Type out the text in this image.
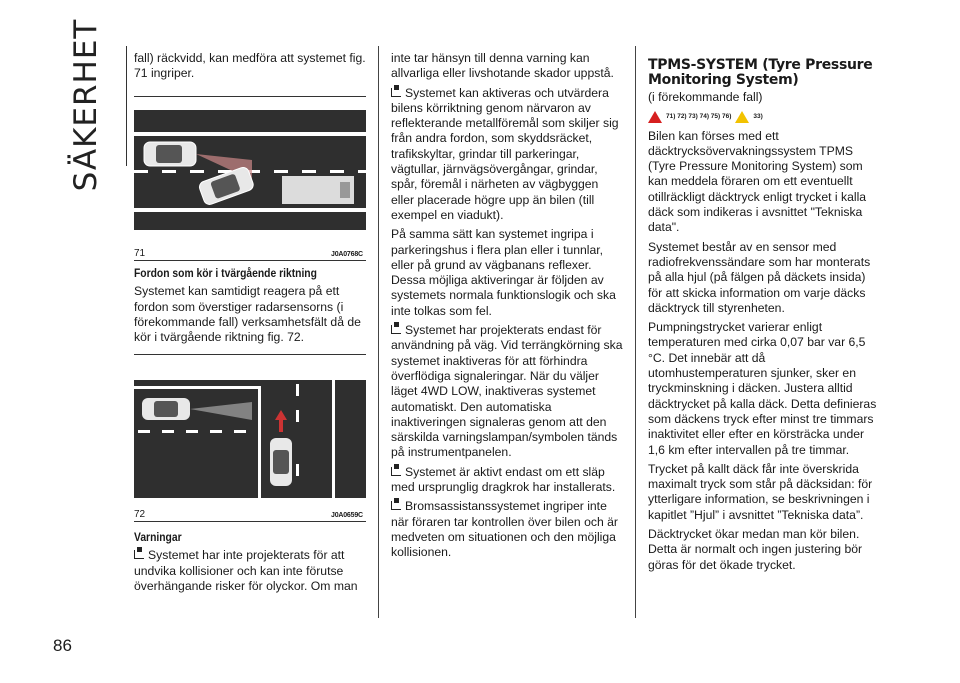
SÄKERHET
86

fall) räckvidd, kan medföra att systemet fig. 71 ingriper.

71	J0A0768C
Fordon som kör i tvärgående riktning

Systemet kan samtidigt reagera på ett fordon som överstiger radarsensorns (i förekommande fall) verksamhetsfält då de kör i tvärgående riktning fig. 72.

72	J0A0659C
Varningar

Systemet har inte projekterats för att undvika kollisioner och kan inte förutse överhängande risker för olyckor. Om man

inte tar hänsyn till denna varning kan allvarliga eller livshotande skador uppstå.

Systemet kan aktiveras och utvärdera bilens körriktning genom närvaron av reflekterande metallföremål som skiljer sig från andra fordon, som skyddsräcket, trafikskyltar, grindar till parkeringar, vägtullar, järnvägsövergångar, grindar, spår, föremål i närheten av vägbyggen eller placerade högre upp än bilen (till exempel en viadukt).

På samma sätt kan systemet ingripa i parkeringshus i flera plan eller i tunnlar, eller på grund av vägbanans reflexer. Dessa möjliga aktiveringar är följden av systemets normala funktionslogik och ska inte tolkas som fel.

Systemet har projekterats endast för användning på väg. Vid terrängkörning ska systemet inaktiveras för att förhindra överflödiga signaleringar. När du väljer läget 4WD LOW, inaktiveras systemet automatiskt. Den automatiska inaktiveringen signaleras genom att den särskilda varningslampan/symbolen tänds på instrumentpanelen.

Systemet är aktivt endast om ett släp med ursprunglig dragkrok har installerats.

Bromsassistanssystemet ingriper inte när föraren tar kontrollen över bilen och är medveten om situationen och den möjliga kollisionen.

TPMS-SYSTEM (Tyre Pressure Monitoring System)

(i förekommande fall)

71) 72) 73) 74) 75) 76)	33)

Bilen kan förses med ett däcktrycksövervakningssystem TPMS (Tyre Pressure Monitoring System) som kan meddela föraren om ett eventuellt otillräckligt däcktryck enligt trycket i kalla däck som indikeras i avsnittet "Tekniska data".

Systemet består av en sensor med radiofrekvenssändare som har monterats på alla hjul (på fälgen på däckets insida) för att skicka information om varje däcks däcktryck till styrenheten.

Pumpningstrycket varierar enligt temperaturen med cirka 0,07 bar var 6,5 °C. Det innebär att då utomhustemperaturen sjunker, sker en tryckminskning i däcken. Justera alltid däcktrycket på kalla däck. Detta definieras som däckens tryck efter minst tre timmars inaktivitet eller efter en körsträcka under 1,6 km efter intervallen på tre timmar.

Trycket på kallt däck får inte överskrida maximalt tryck som står på däcksidan: för ytterligare information, se beskrivningen i kapitlet ”Hjul” i avsnittet ”Tekniska data”.

Däcktrycket ökar medan man kör bilen. Detta är normalt och ingen justering bör göras för det ökade trycket.
